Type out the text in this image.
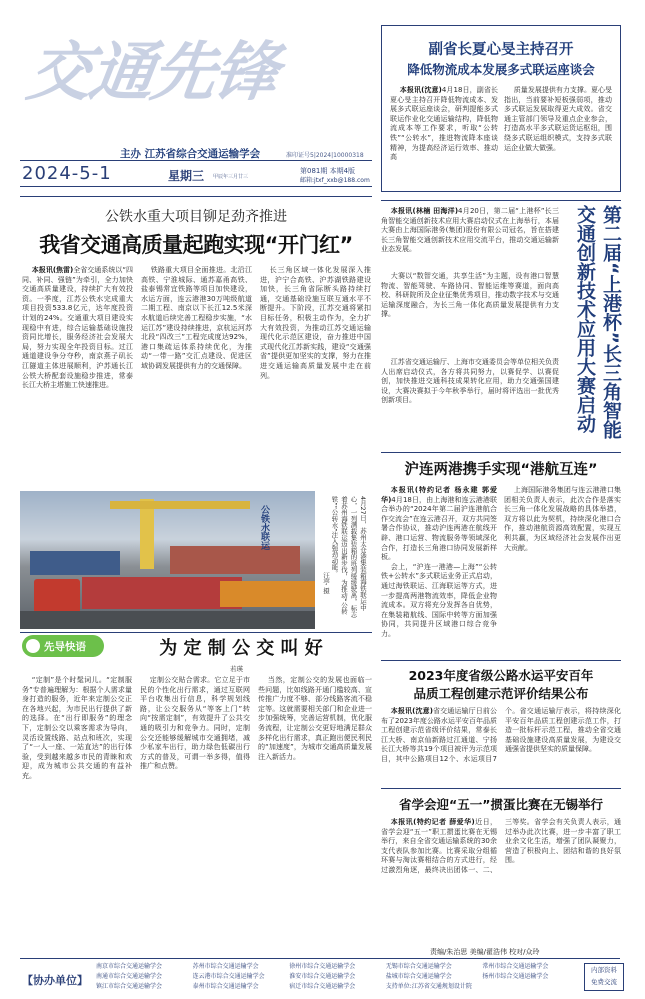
交通先锋
主办 江苏省综合交通运输学会	准印证号5|2024|10000318
2024-5-1	星期三 甲辰年三月廿三
第081期 本期4版
邮箱:jtxf_xxb@188.com
副省长夏心旻主持召开
降低物流成本发展多式联运座谈会

本报讯(沈意)4月18日，副省长夏心旻主持召开降低物流成本、发展多式联运座谈会，研判提能多式联运作业化交通运输结构，降低物流成本等工作要求，听取“公转铁”“公转水”，推进物流降本座谈精神，为提高经济运行效率、推动高

质量发展提供有力支撑。夏心旻指出，当前要补短板强弱项，推动多式联运发展取得更大成效。省交通主管部门领导及重点企业参会，打造高水平多式联运货运枢纽，围绕多式联运组织模式，支持多式联运企业做大做强。

公铁水重大项目铆足劲齐推进
我省交通高质量起跑实现“开门红”

本报讯(焦雷)全省交通系统以“四同、补同、强链”为牵引，全力加快交通高质量建设，持续扩大有效投资。一季度，江苏公铁水完成重大项目投资533.8亿元，达年度投资计划的24%。交通重大项目建设实现稳中有进，综合运输基础设施投资同比增长，服务经济社会发展大局，努力实现全年投资目标。过江通道建设争分夺秒，南京燕子矶长江隧道主体进展顺利，沪苏通长江公铁大桥配套设施稳步推进，常泰长江大桥主塔施工快速推进。

铁路重大项目全面推进。北沿江高铁、宁淮城际、通苏嘉甬高铁、盐泰锡常宜铁路等项目加快建设，水运方面，连云港港30万吨级航道二期工程、南京以下长江12.5米深水航道后续完善工程稳步实施，“水运江苏”建设持续推进，京杭运河苏北段“四改三”工程完成度达92%，港口集疏运体系持续优化，为推动“一带一路”交汇点建设、促进区域协调发展提供有力的交通保障。

长三角区域一体化发展深入推进，沪宁合高铁、沪苏湖铁路建设加快，长三角省际断头路持续打通，交通基础设施互联互通水平不断提升。下阶段，江苏交通将紧扣目标任务，积极主动作为，全力扩大有效投资，为推动江苏交通运输现代化示范区建设，奋力推进中国式现代化江苏新实践，建设“交通强省”提供更加坚实的支撑，努力在推进交通运输高质量发展中走在前列。

公铁水联运	4月27日，苏州太仓港集装箱海铁联运中心，一列满载集装箱的班列缓缓驶离，标志着苏州海铁联运迈出新步伐，为推动“公转铁”“公转水”注入强劲动能。
汪亭 摄

本报讯(林楠 田海洋)4月20日，第二届“上港杯”长三角智能交通创新技术应用大赛启动仪式在上海举行，本届大赛由上海国际港务(集团)股份有限公司冠名，旨在搭建长三角智能交通创新技术应用交流平台，推动交通运输新业态发展。

大赛以“数智交通，共享生活”为主题，设有港口智慧物流、智能驾驶、车路协同、智能运维等赛道，面向高校、科研院所及企业征集优秀项目，推动数字技术与交通运输深度融合，为长三角一体化高质量发展提供有力支撑。

江苏省交通运输厅、上海市交通委员会等单位相关负责人出席启动仪式，各方将共同努力，以赛促学、以赛促创，加快推进交通科技成果转化应用，助力交通强国建设，大赛决赛拟于今年秋季举行，届时将评选出一批优秀创新项目。	第二届“上港杯”长三角智能交通创新技术应用大赛启动
沪连两港携手实现“港航互连”

本报讯(特约记者 杨永建 郭爱华)4月18日，由上海港和连云港港联合举办的“2024年第二届沪连港航合作交流会”在连云港召开，双方共同签署合作协议，推动沪连两港在航线开辟、港口运营、物流服务等领域深化合作，打造长三角港口协同发展新样板。

会上，“沪连一港港—上海”“公转铁+公转水”多式联运业务正式启动，通过海铁联运、江海联运等方式，进一步提高两港物流效率，降低企业物流成本。双方将充分发挥各自优势，在集装箱航线、国际中转等方面加强协同，共同提升区域港口综合竞争力。

上海国际港务集团与连云港港口集团相关负责人表示，此次合作是落实长三角一体化发展战略的具体举措，双方将以此为契机，持续深化港口合作，推动港航资源高效配置，实现互利共赢，为区域经济社会发展作出更大贡献。

2023年度省级公路水运平安百年
品质工程创建示范评价结果公布

本报讯(沈意)省交通运输厅日前公布了2023年度公路水运平安百年品质工程创建示范省级评价结果，常泰长江大桥、南京仙新路过江通道、宁扬长江大桥等共19个项目被评为示范项目，其中公路项目12个、水运项目7个。省交通运输厅表示，将持续深化平安百年品质工程创建示范工作，打造一批标杆示范工程，推动全省交通基础设施建设高质量发展，为建设交通强省提供坚实的质量保障。

省学会迎“五一”掼蛋比赛在无锡举行

本报讯(特约记者 薛爱华)近日，省学会迎“五一”职工掼蛋比赛在无锡举行，来自全省交通运输系统的30余支代表队参加比赛。比赛采取分组循环赛与淘汰赛相结合的方式进行，经过激烈角逐，最终决出团体一、二、三等奖。省学会有关负责人表示，通过举办此次比赛，进一步丰富了职工业余文化生活，增强了团队凝聚力，营造了积极向上、团结和谐的良好氛围。

先导快语	为 定 制 公 交 叫 好
若瑛

“定制”是个时髦词儿。“定制服务”专普遍理解为：根据个人需求量身打造的服务，近年来定制公交正在各地兴起，为市民出行提供了新的选择。在“出行即服务”的理念下，定制公交以乘客需求为导向，灵活设置线路、站点和班次，实现了“一人一座、一站直达”的出行体验，受到越来越多市民的青睐和欢迎，成为城市公共交通的有益补充。

定制公交贴合需求。它立足于市民的个性化出行需求，通过互联网平台收集出行信息，科学规划线路，让公交服务从“等客上门”转向“按需定制”，有效提升了公共交通的吸引力和竞争力。同时，定制公交还能够缓解城市交通拥堵，减少私家车出行，助力绿色低碳出行方式的普及，可谓一举多得，值得推广和点赞。

当然，定制公交的发展也面临一些问题，比如线路开通门槛较高、宣传推广力度不够、部分线路客流不稳定等。这就需要相关部门和企业进一步加强统筹，完善运营机制，优化服务流程，让定制公交更好地满足群众多样化出行需求，真正跑出便民利民的“加速度”，为城市交通高质量发展注入新活力。

责编/朱治思 美编/翟浩伟 校对/众玲
【协办单位】
南京市综合交通运输学会	苏州市综合交通运输学会	徐州市综合交通运输学会	无锡市综合交通运输学会	常州市综合交通运输学会
南通市综合交通运输学会	连云港市综合交通运输学会	淮安市综合交通运输学会	盐城市综合交通运输学会	扬州市综合交通运输学会
镇江市综合交通运输学会	泰州市综合交通运输学会	宿迁市综合交通运输学会	支持单位:江苏省交通规划设计院
内部资料
免费交流
